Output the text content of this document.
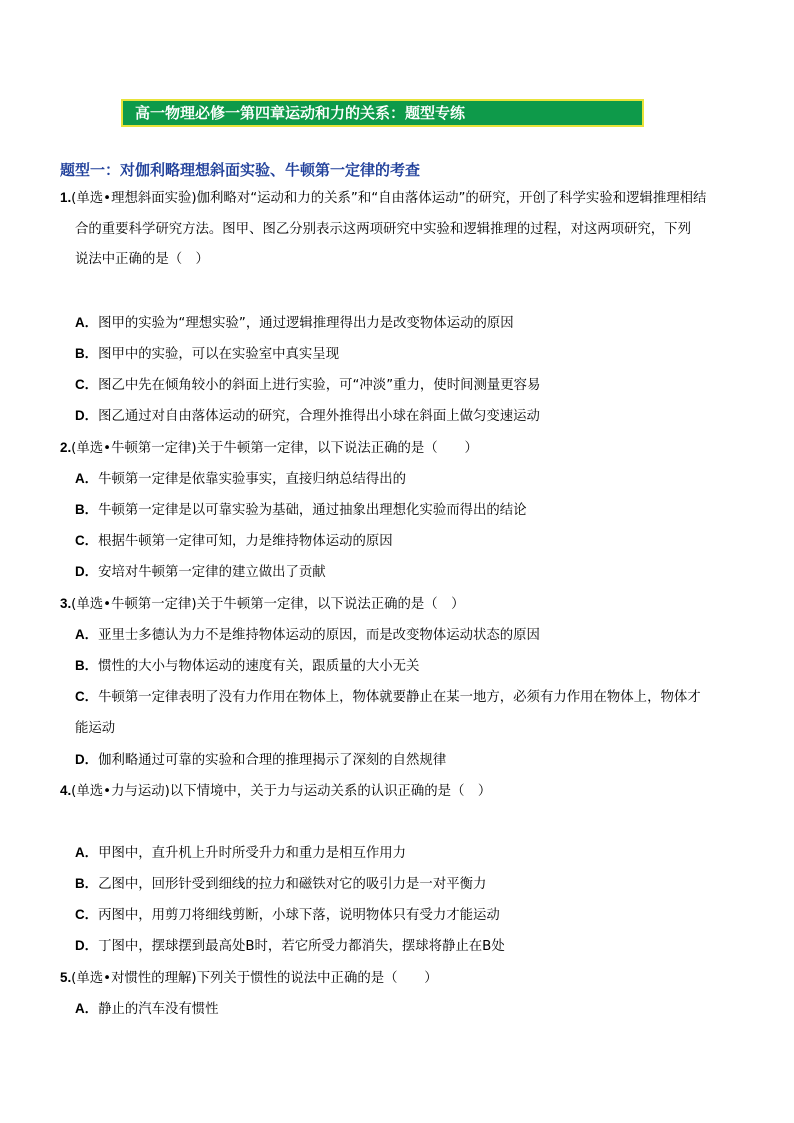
高一物理必修一第四章运动和力的关系：题型专练
题型一：对伽利略理想斜面实验、牛顿第一定律的考查
1.(单选•理想斜面实验)伽利略对“运动和力的关系”和“自由落体运动”的研究，开创了科学实验和逻辑推理相结
合的重要科学研究方法。图甲、图乙分别表示这两项研究中实验和逻辑推理的过程，对这两项研究，下列
说法中正确的是（　）
A．图甲的实验为“理想实验”，通过逻辑推理得出力是改变物体运动的原因
B．图甲中的实验，可以在实验室中真实呈现
C．图乙中先在倾角较小的斜面上进行实验，可“冲淡”重力，使时间测量更容易
D．图乙通过对自由落体运动的研究，合理外推得出小球在斜面上做匀变速运动
2.(单选•牛顿第一定律)关于牛顿第一定律，以下说法正确的是（　　）
A．牛顿第一定律是依靠实验事实，直接归纳总结得出的
B．牛顿第一定律是以可靠实验为基础，通过抽象出理想化实验而得出的结论
C．根据牛顿第一定律可知，力是维持物体运动的原因
D．安培对牛顿第一定律的建立做出了贡献
3.(单选•牛顿第一定律)关于牛顿第一定律，以下说法正确的是（　）
A．亚里士多德认为力不是维持物体运动的原因，而是改变物体运动状态的原因
B．惯性的大小与物体运动的速度有关，跟质量的大小无关
C．牛顿第一定律表明了没有力作用在物体上，物体就要静止在某一地方，必须有力作用在物体上，物体才
能运动
D．伽利略通过可靠的实验和合理的推理揭示了深刻的自然规律
4.(单选•力与运动)以下情境中，关于力与运动关系的认识正确的是（　）
A．甲图中，直升机上升时所受升力和重力是相互作用力
B．乙图中，回形针受到细线的拉力和磁铁对它的吸引力是一对平衡力
C．丙图中，用剪刀将细线剪断，小球下落，说明物体只有受力才能运动
D．丁图中，摆球摆到最高处B时，若它所受力都消失，摆球将静止在B处
5.(单选•对惯性的理解)下列关于惯性的说法中正确的是（　　）
A．静止的汽车没有惯性
